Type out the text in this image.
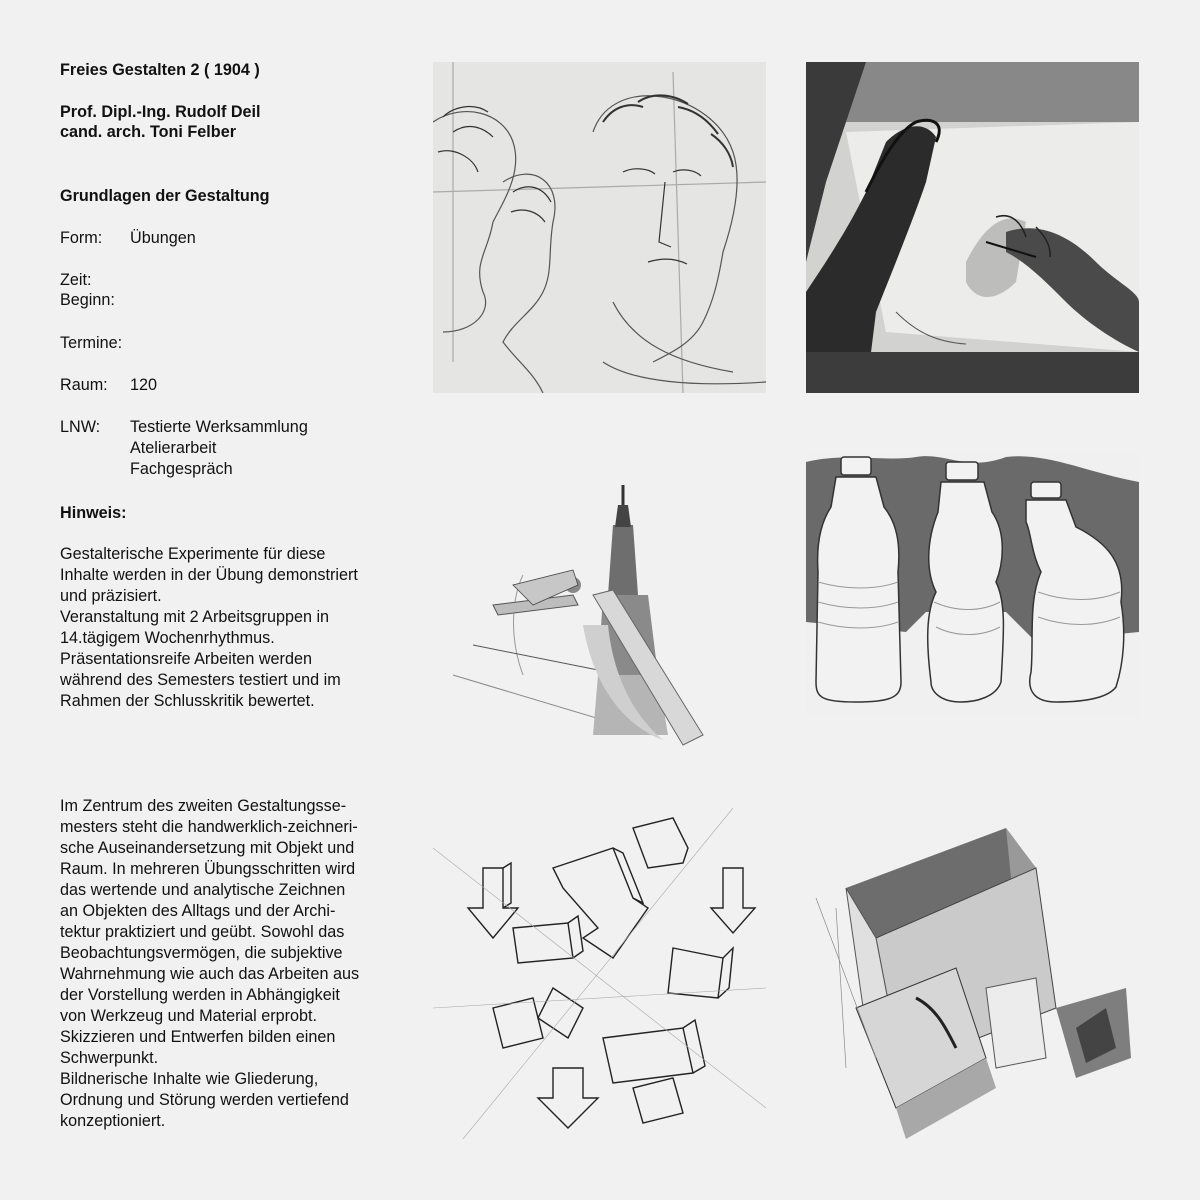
Freies Gestalten 2 ( 1904 )
Prof. Dipl.-Ing. Rudolf Deil
cand. arch. Toni Felber
Grundlagen der Gestaltung
Form: Übungen
Zeit:
Beginn:
Termine:
Raum: 120
LNW: Testierte Werksammlung
Atelierarbeit
Fachgespräch
Hinweis:
Gestalterische Experimente für diese
Inhalte werden in der Übung demonstriert
und präzisiert.
Veranstaltung mit 2 Arbeitsgruppen in
14.tägigem Wochenrhythmus.
Präsentationsreife Arbeiten werden
während des Semesters testiert und im
Rahmen der Schlusskritik bewertet.
Im Zentrum des zweiten Gestaltungsse-
mesters steht die handwerklich-zeichneri-
sche Auseinandersetzung mit Objekt und
Raum. In mehreren Übungsschritten wird
das wertende und analytische Zeichnen
an Objekten des Alltags und der Archi-
tektur praktiziert und geübt. Sowohl das
Beobachtungsvermögen, die subjektive
Wahrnehmung wie auch das Arbeiten aus
der Vorstellung werden in Abhängigkeit
von Werkzeug und Material erprobt.
Skizzieren und Entwerfen bilden einen
Schwerpunkt.
Bildnerische Inhalte wie Gliederung,
Ordnung und Störung werden vertiefend
konzeptioniert.
